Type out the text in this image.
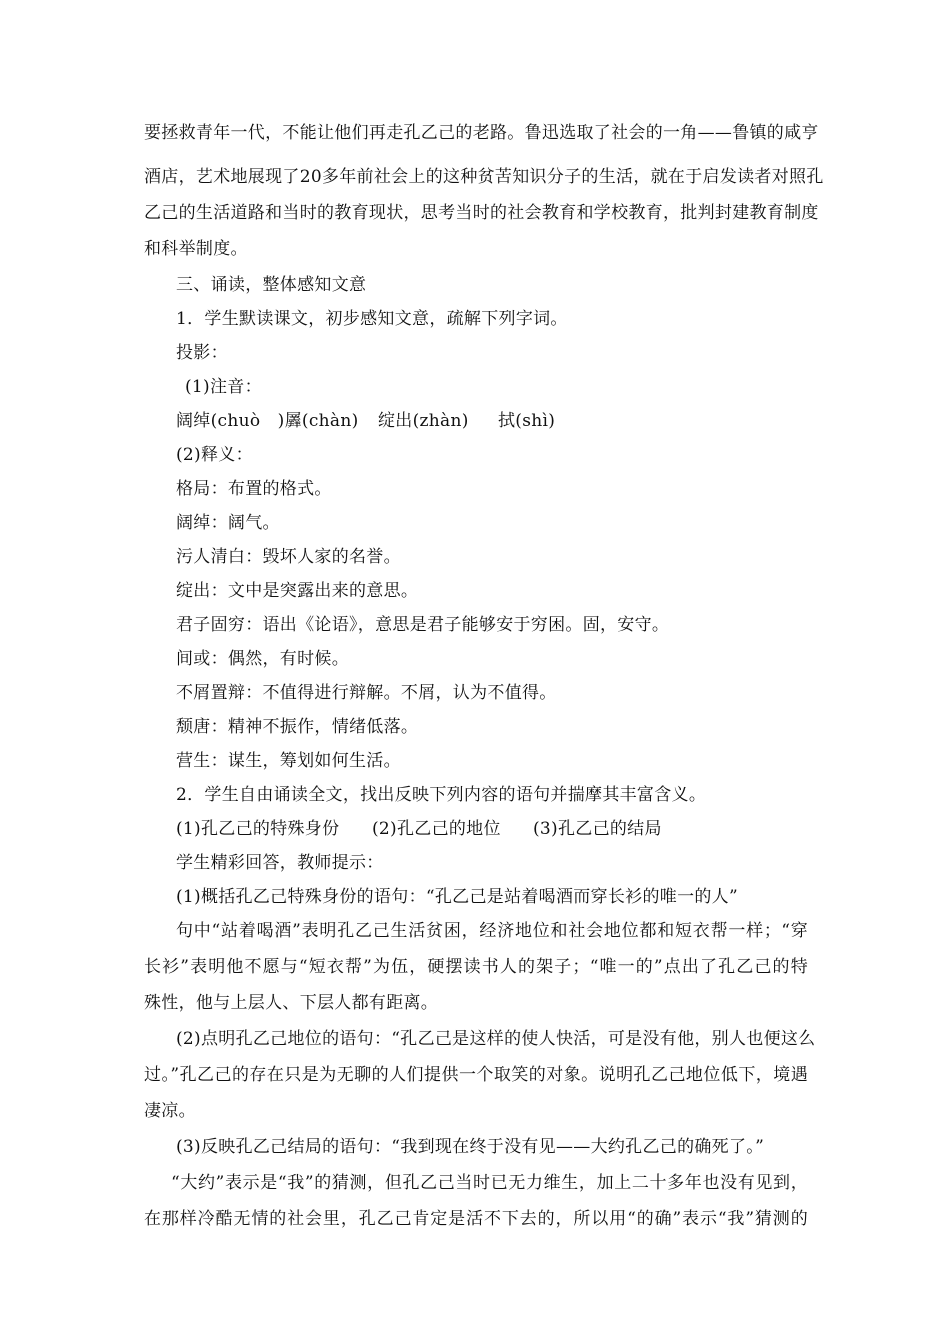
要拯救青年一代，不能让他们再走孔乙己的老路。鲁迅选取了社会的一角——鲁镇的咸亨
酒店，艺术地展现了20多年前社会上的这种贫苦知识分子的生活，就在于启发读者对照孔
乙己的生活道路和当时的教育现状，思考当时的社会教育和学校教育，批判封建教育制度
和科举制度。
三、诵读，整体感知文意
1．学生默读课文，初步感知文意，疏解下列字词。
投影：
(1)注音：
阔绰(chuò　)羼(chàn) 绽出(zhàn) 拭(shì)
(2)释义：
格局：布置的格式。
阔绰：阔气。
污人清白：毁坏人家的名誉。
绽出：文中是突露出来的意思。
君子固穷：语出《论语》，意思是君子能够安于穷困。固，安守。
间或：偶然，有时候。
不屑置辩：不值得进行辩解。不屑，认为不值得。
颓唐：精神不振作，情绪低落。
营生：谋生，筹划如何生活。
2．学生自由诵读全文，找出反映下列内容的语句并揣摩其丰富含义。
(1)孔乙己的特殊身份 (2)孔乙己的地位 (3)孔乙己的结局
学生精彩回答，教师提示：
(1)概括孔乙己特殊身份的语句：“孔乙己是站着喝酒而穿长衫的唯一的人”
句中“站着喝酒”表明孔乙己生活贫困，经济地位和社会地位都和短衣帮一样；“穿
长衫”表明他不愿与“短衣帮”为伍，硬摆读书人的架子；“唯一的”点出了孔乙己的特
殊性，他与上层人、下层人都有距离。
(2)点明孔乙己地位的语句：“孔乙己是这样的使人快活，可是没有他，别人也便这么
过。”孔乙己的存在只是为无聊的人们提供一个取笑的对象。说明孔乙己地位低下，境遇
凄凉。
(3)反映孔乙己结局的语句：“我到现在终于没有见——大约孔乙己的确死了。”
“大约”表示是“我”的猜测，但孔乙己当时已无力维生，加上二十多年也没有见到，
在那样冷酷无情的社会里，孔乙己肯定是活不下去的，所以用“的确”表示“我”猜测的
